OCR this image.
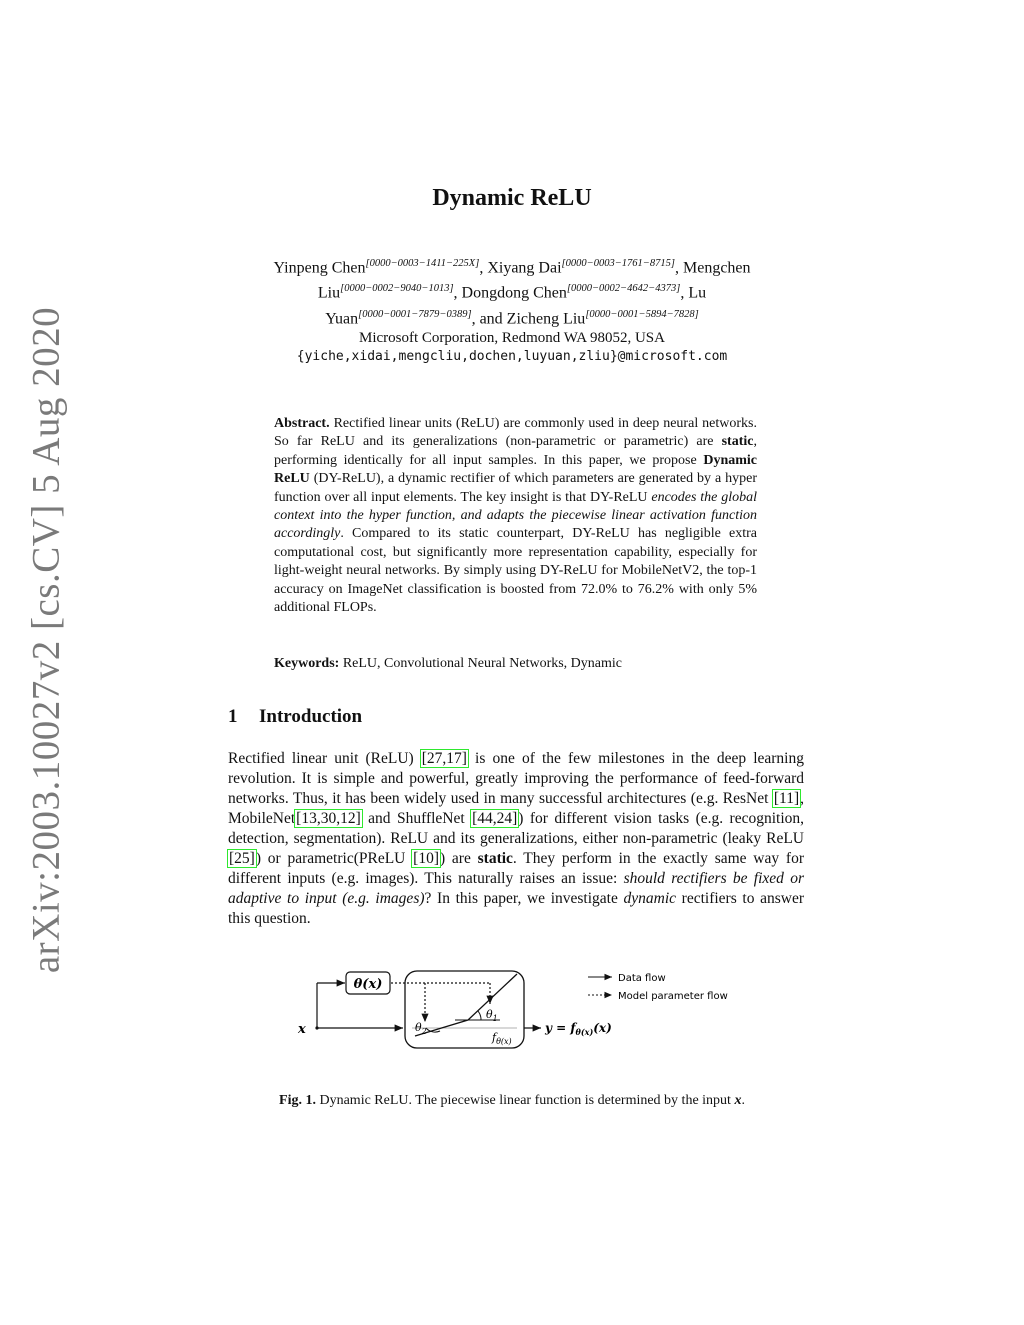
arXiv:2003.10027v2 [cs.CV] 5 Aug 2020
Dynamic ReLU
Yinpeng Chen[0000−0003−1411−225X], Xiyang Dai[0000−0003−1761−8715], Mengchen
Liu[0000−0002−9040−1013], Dongdong Chen[0000−0002−4642−4373], Lu
Yuan[0000−0001−7879−0389], and Zicheng Liu[0000−0001−5894−7828]
Microsoft Corporation, Redmond WA 98052, USA
{yiche,xidai,mengcliu,dochen,luyuan,zliu}@microsoft.com
Abstract. Rectified linear units (ReLU) are commonly used in deep neural networks. So far ReLU and its generalizations (non-parametric or parametric) are static, performing identically for all input samples. In this paper, we propose Dynamic ReLU (DY-ReLU), a dynamic rectifier of which parameters are generated by a hyper function over all input elements. The key insight is that DY-ReLU encodes the global context into the hyper function, and adapts the piecewise linear activation function accordingly. Compared to its static counterpart, DY-ReLU has negligible extra computational cost, but significantly more representation capability, especially for light-weight neural networks. By simply using DY-ReLU for MobileNetV2, the top-1 accuracy on ImageNet classification is boosted from 72.0% to 76.2% with only 5% additional FLOPs.
Keywords: ReLU, Convolutional Neural Networks, Dynamic
1 Introduction
Rectified linear unit (ReLU) [27,17] is one of the few milestones in the deep learning revolution. It is simple and powerful, greatly improving the performance of feed-forward networks. Thus, it has been widely used in many successful architectures (e.g. ResNet [11], MobileNet[13,30,12] and ShuffleNet [44,24]) for different vision tasks (e.g. recognition, detection, segmentation). ReLU and its generalizations, either non-parametric (leaky ReLU [25]) or parametric(PReLU [10]) are static. They perform in the exactly same way for different inputs (e.g. images). This naturally raises an issue: should rectifiers be fixed or adaptive to input (e.g. images)? In this paper, we investigate dynamic rectifiers to answer this question.
θ(x)
x
$\theta_1$
$\theta_2$	$f_{\theta(x)}$
$y = f_{\theta(x)}(x)$
Data flow
Model parameter flow
Fig. 1. Dynamic ReLU. The piecewise linear function is determined by the input x.
